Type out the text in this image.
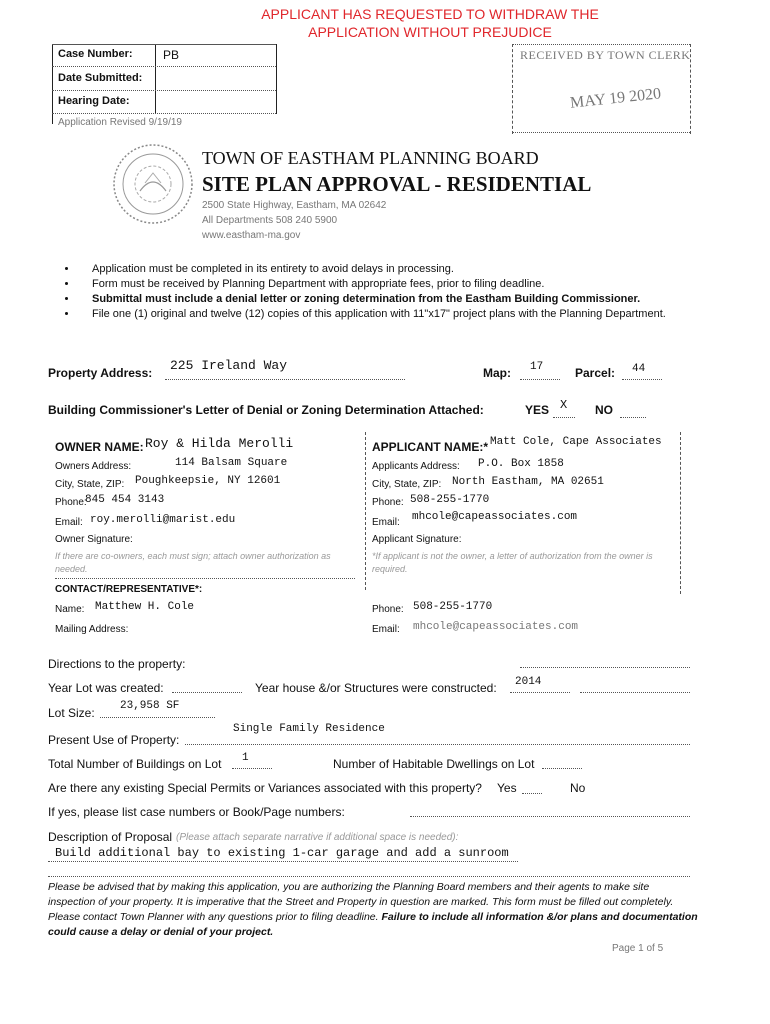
APPLICANT HAS REQUESTED TO WITHDRAW THE
APPLICATION WITHOUT PREJUDICE
Case Number:	PB
Date Submitted:
Hearing Date:
Application Revised 9/19/19
RECEIVED BY TOWN CLERK
MAY 19 2020
TOWN OF EASTHAM PLANNING BOARD
SITE PLAN APPROVAL - RESIDENTIAL
2500 State Highway, Eastham, MA 02642
All Departments 508 240 5900
www.eastham-ma.gov
• Application must be completed in its entirety to avoid delays in processing.
• Form must be received by Planning Department with appropriate fees, prior to filing deadline.
• Submittal must include a denial letter or zoning determination from the Eastham Building Commissioner.
• File one (1) original and twelve (12) copies of this application with 11"x17" project plans with the Planning Department.
Property Address: 225 Ireland Way	Map: 17	Parcel: 44
Building Commissioner's Letter of Denial or Zoning Determination Attached:	YES X NO
OWNER NAME: Roy & Hilda Merolli
Owners Address:	114 Balsam Square
City, State, ZIP: Poughkeepsie, NY 12601
Phone:
845 454 3143
Email: roy.merolli@marist.edu
Owner Signature:
If there are co-owners, each must sign; attach owner authorization as needed.
APPLICANT NAME:* Matt Cole, Cape Associates
Applicants Address: P.O. Box 1858
City, State, ZIP: North Eastham, MA 02651
Phone: 508-255-1770
Email: mhcole@capeassociates.com
Applicant Signature:
*If applicant is not the owner, a letter of authorization from the owner is required.
CONTACT/REPRESENTATIVE*:
Name: Matthew H. Cole
Mailing Address:
Phone: 508-255-1770
Email: mhcole@capeassociates.com
Directions to the property:
Year Lot was created:	Year house &/or Structures were constructed: 2014
Lot Size: 23,958 SF
Present Use of Property:
Single Family Residence
Total Number of Buildings on Lot 1	Number of Habitable Dwellings on Lot
Are there any existing Special Permits or Variances associated with this property? Yes	No
If yes, please list case numbers or Book/Page numbers:
Description of Proposal (Please attach separate narrative if additional space is needed):
Build additional bay to existing 1-car garage and add a sunroom
Please be advised that by making this application, you are authorizing the Planning Board members and their agents to make site inspection of your property. It is imperative that the Street and Property in question are marked. This form must be filled out completely. Please contact Town Planner with any questions prior to filing deadline. Failure to include all information &/or plans and documentation could cause a delay or denial of your project.
Page 1 of 5
